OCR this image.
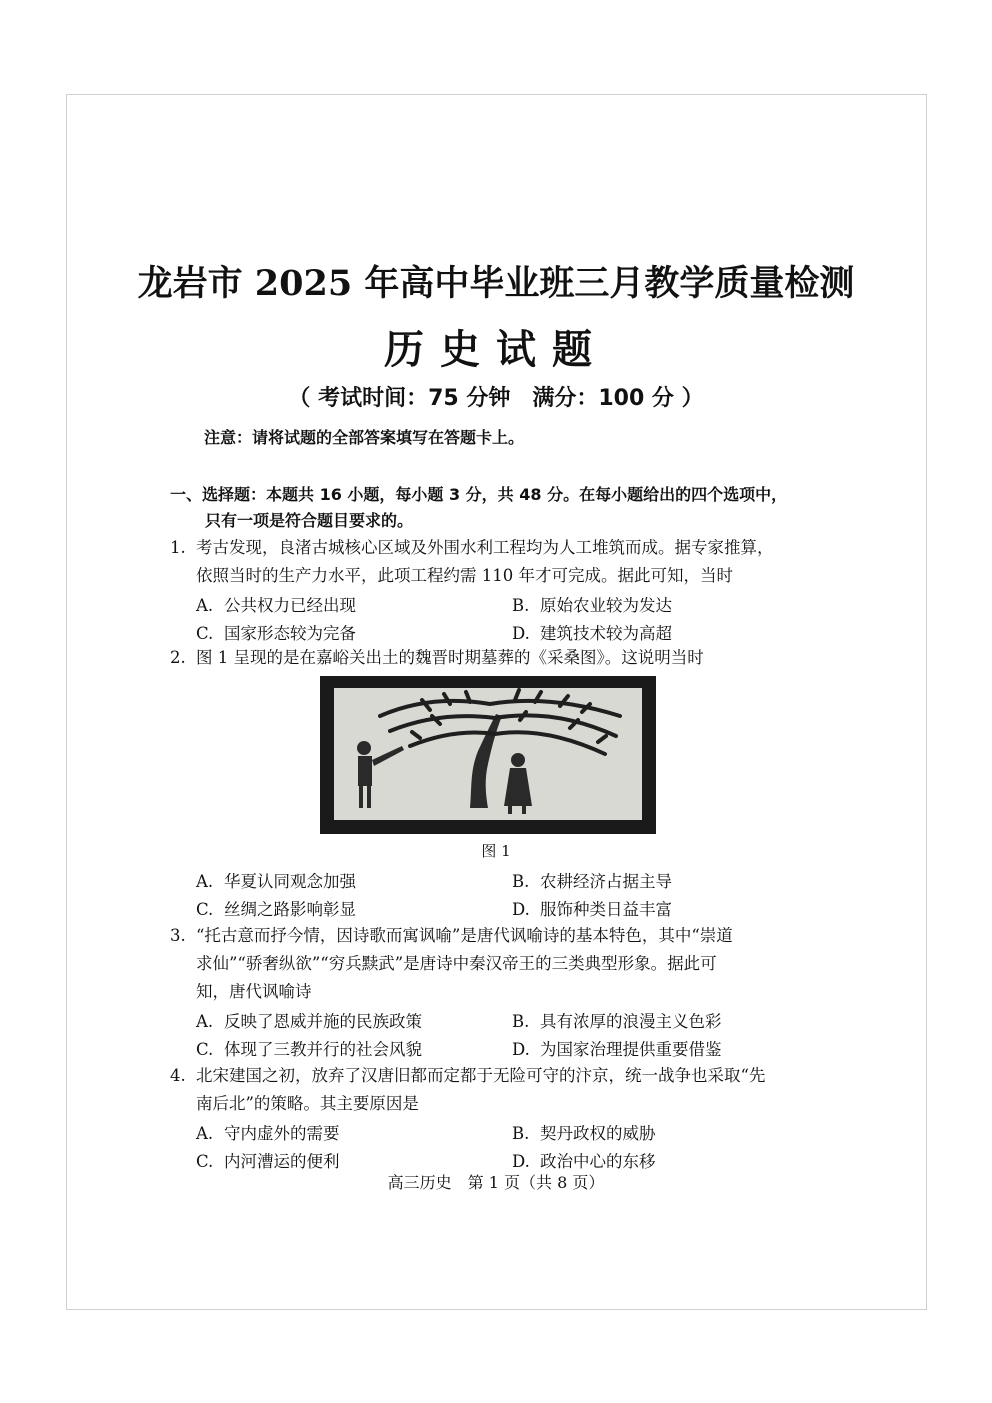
龙岩市 2025 年高中毕业班三月教学质量检测
历史试题
（ 考试时间：75 分钟　满分：100 分 ）
注意：请将试题的全部答案填写在答题卡上。
一、选择题：本题共 16 小题，每小题 3 分，共 48 分。在每小题给出的四个选项中，
只有一项是符合题目要求的。
1. 考古发现，良渚古城核心区域及外围水利工程均为人工堆筑而成。据专家推算，
依照当时的生产力水平，此项工程约需 110 年才可完成。据此可知，当时
A. 公共权力已经出现	B. 原始农业较为发达
C. 国家形态较为完备	D. 建筑技术较为高超
2. 图 1 呈现的是在嘉峪关出土的魏晋时期墓葬的《采桑图》。这说明当时
图 1
A. 华夏认同观念加强	B. 农耕经济占据主导
C. 丝绸之路影响彰显	D. 服饰种类日益丰富
3. “托古意而抒今情，因诗歌而寓讽喻”是唐代讽喻诗的基本特色，其中“崇道
求仙”“骄奢纵欲”“穷兵黩武”是唐诗中秦汉帝王的三类典型形象。据此可
知，唐代讽喻诗
A. 反映了恩威并施的民族政策	B. 具有浓厚的浪漫主义色彩
C. 体现了三教并行的社会风貌	D. 为国家治理提供重要借鉴
4. 北宋建国之初，放弃了汉唐旧都而定都于无险可守的汴京，统一战争也采取“先
南后北”的策略。其主要原因是
A. 守内虚外的需要	B. 契丹政权的威胁
C. 内河漕运的便利	D. 政治中心的东移
高三历史　第 1 页（共 8 页）
